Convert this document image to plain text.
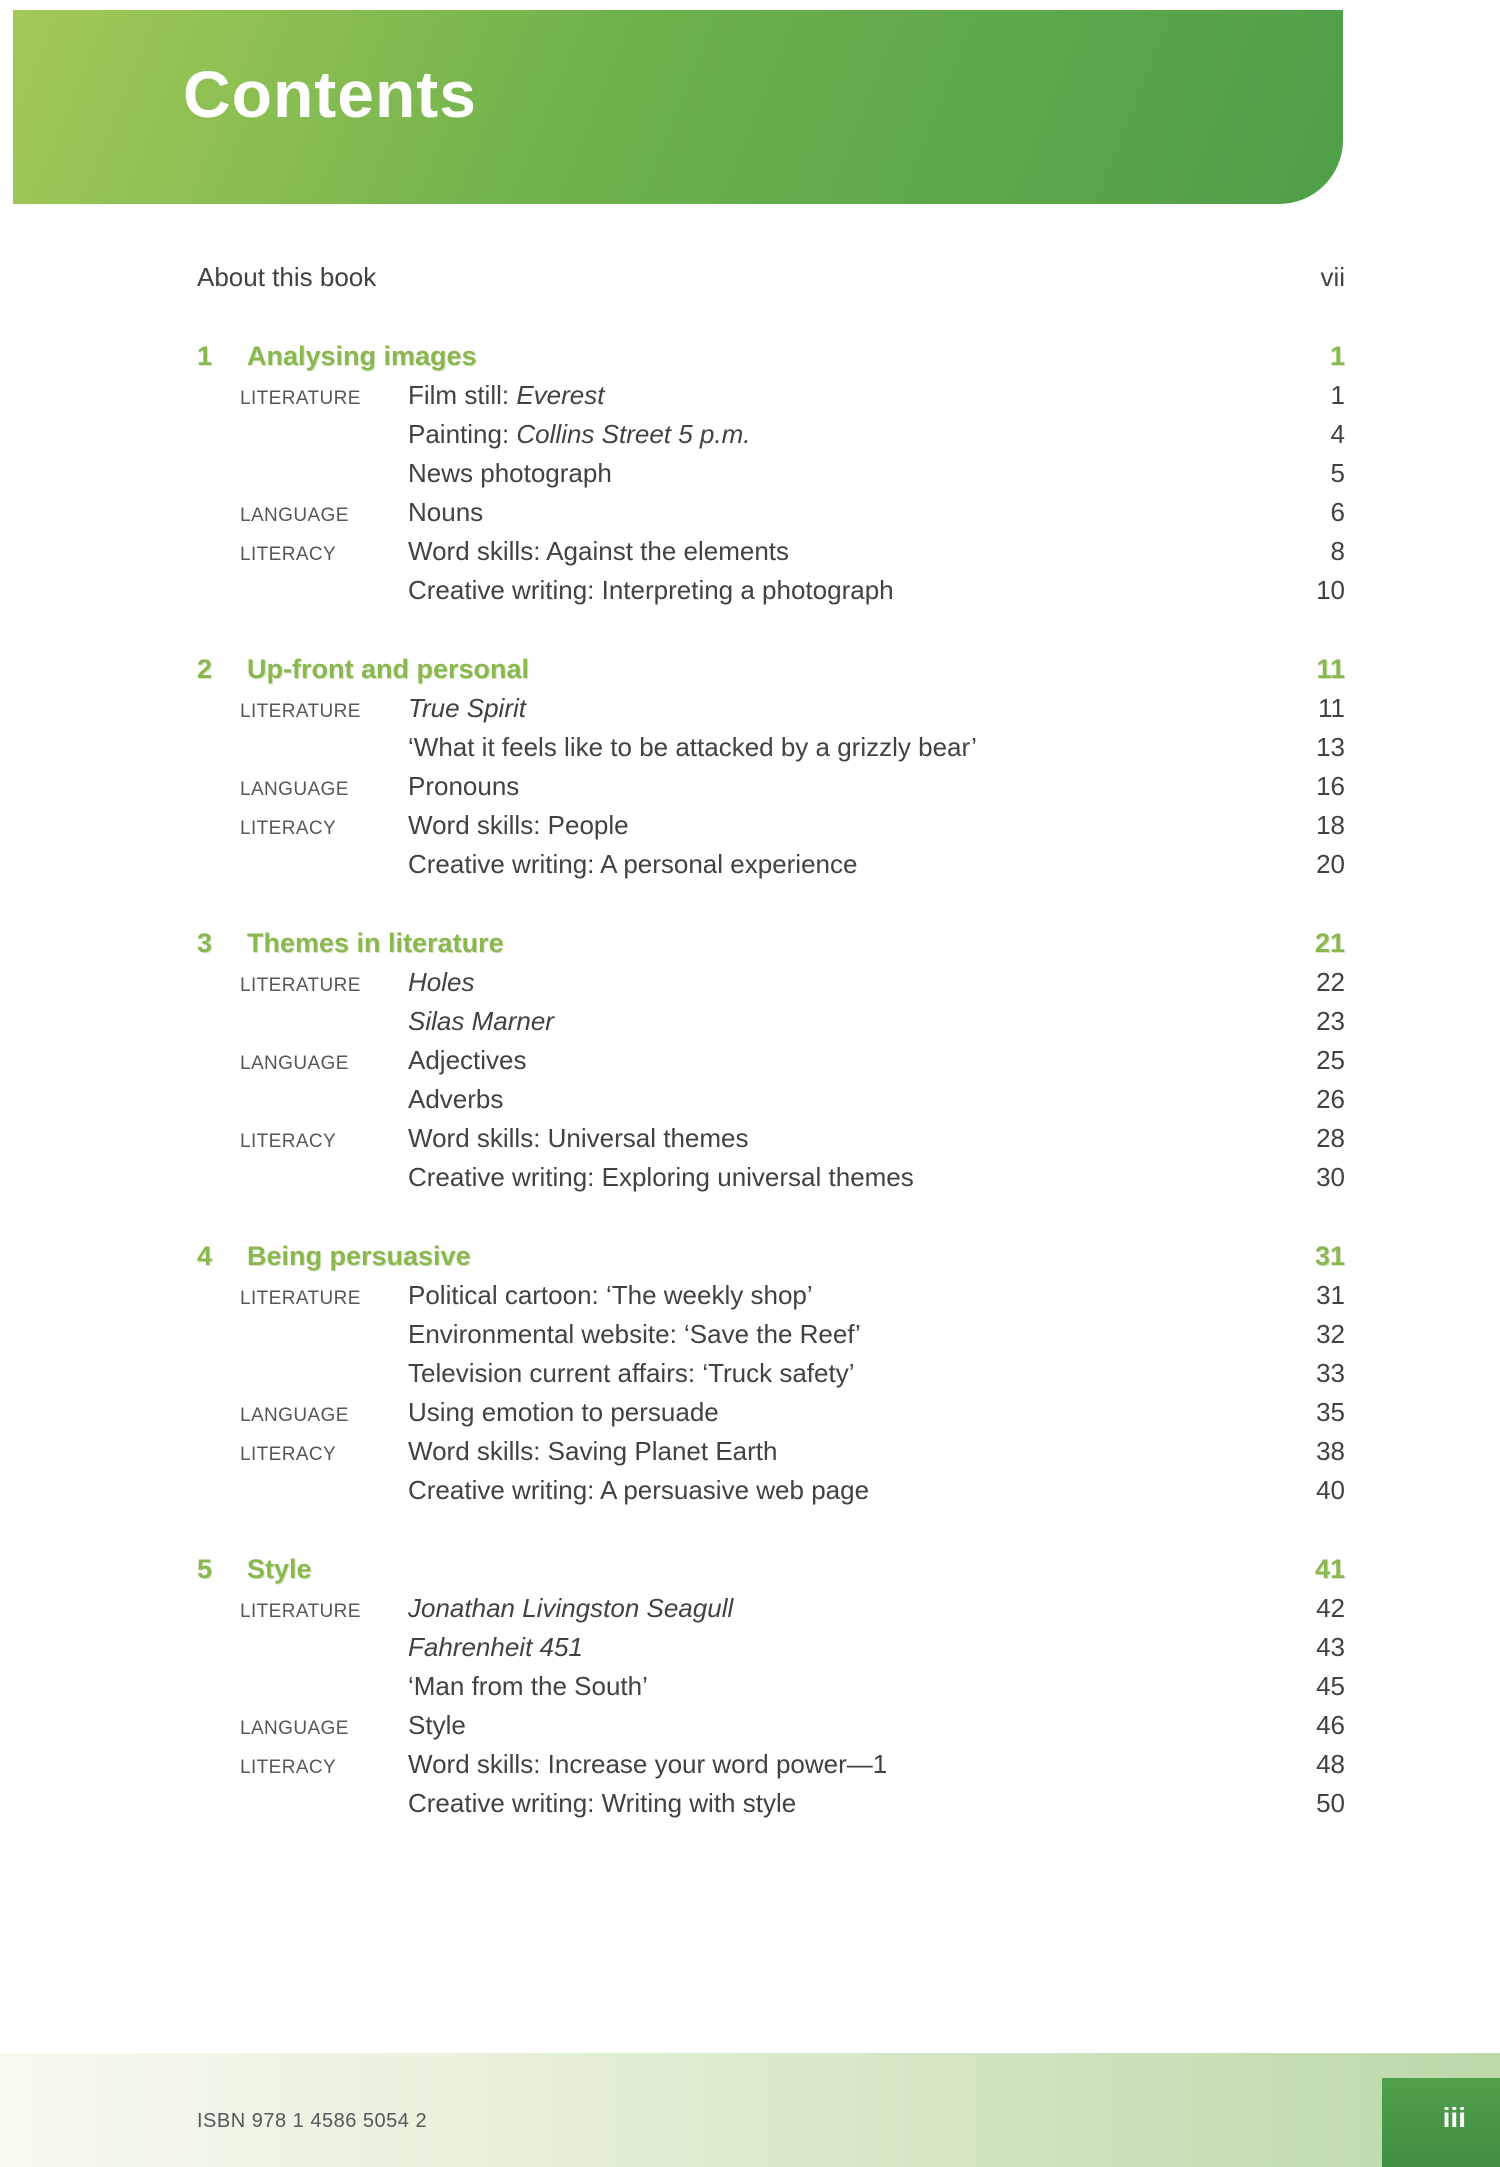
Contents
About this book	vii
1	Analysing images	1
LITERATURE	Film still: Everest	1
Painting: Collins Street 5 p.m.	4
News photograph	5
LANGUAGE	Nouns	6
LITERACY	Word skills: Against the elements	8
Creative writing: Interpreting a photograph	10
2	Up-front and personal	11
LITERATURE	True Spirit	11
‘What it feels like to be attacked by a grizzly bear’	13
LANGUAGE	Pronouns	16
LITERACY	Word skills: People	18
Creative writing: A personal experience	20
3	Themes in literature	21
LITERATURE	Holes	22
Silas Marner	23
LANGUAGE	Adjectives	25
Adverbs	26
LITERACY	Word skills: Universal themes	28
Creative writing: Exploring universal themes	30
4	Being persuasive	31
LITERATURE	Political cartoon: ‘The weekly shop’	31
Environmental website: ‘Save the Reef’	32
Television current affairs: ‘Truck safety’	33
LANGUAGE	Using emotion to persuade	35
LITERACY	Word skills: Saving Planet Earth	38
Creative writing: A persuasive web page	40
5	Style	41
LITERATURE	Jonathan Livingston Seagull	42
Fahrenheit 451	43
‘Man from the South’	45
LANGUAGE	Style	46
LITERACY	Word skills: Increase your word power—1	48
Creative writing: Writing with style	50
ISBN 978 1 4586 5054 2	iii
